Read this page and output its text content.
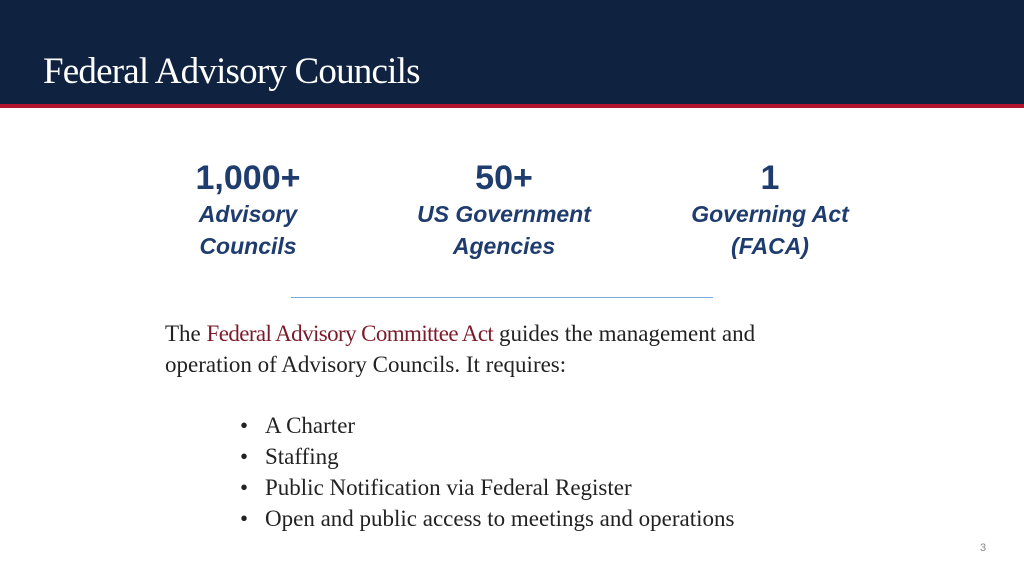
Federal Advisory Councils
1,000+
Advisory
Councils
50+
US Government
Agencies
1
Governing Act
(FACA)

The Federal Advisory Committee Act guides the management and operation of Advisory Councils. It requires:

• A Charter
• Staffing
• Public Notification via Federal Register
• Open and public access to meetings and operations
3
